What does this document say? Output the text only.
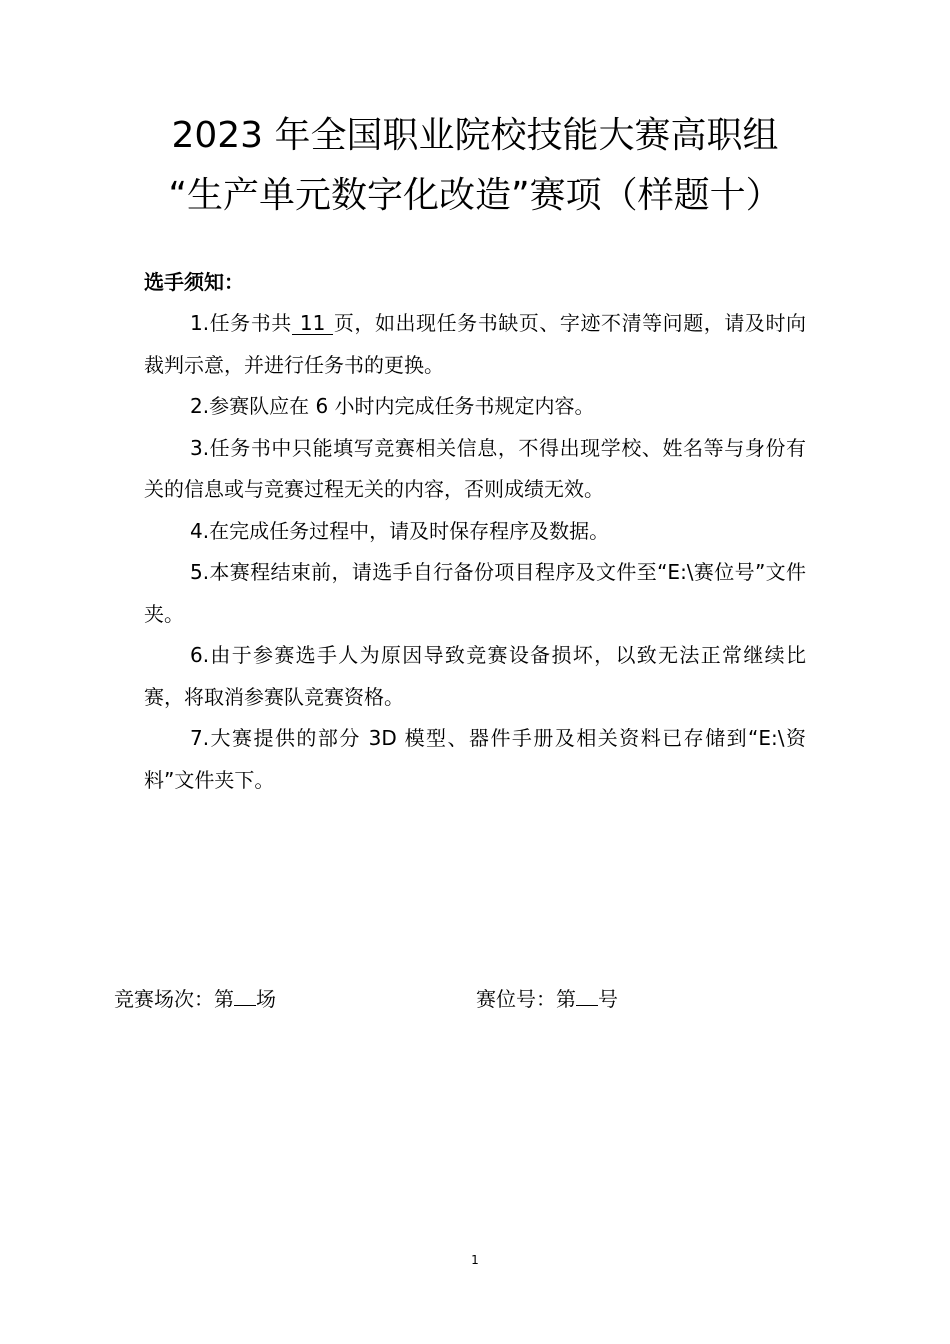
2023 年全国职业院校技能大赛高职组
“生产单元数字化改造”赛项（样题十）
选手须知：

1.任务书共 11 页，如出现任务书缺页、字迹不清等问题，请及时向裁判示意，并进行任务书的更换。

2.参赛队应在 6 小时内完成任务书规定内容。

3.任务书中只能填写竞赛相关信息，不得出现学校、姓名等与身份有关的信息或与竞赛过程无关的内容，否则成绩无效。

4.在完成任务过程中，请及时保存程序及数据。

5.本赛程结束前，请选手自行备份项目程序及文件至“E:\赛位号”文件夹。

6.由于参赛选手人为原因导致竞赛设备损坏，以致无法正常继续比赛，将取消参赛队竞赛资格。

7.大赛提供的部分 3D 模型、器件手册及相关资料已存储到“E:\资料”文件夹下。

竞赛场次：第 场	赛位号：第 号
1
